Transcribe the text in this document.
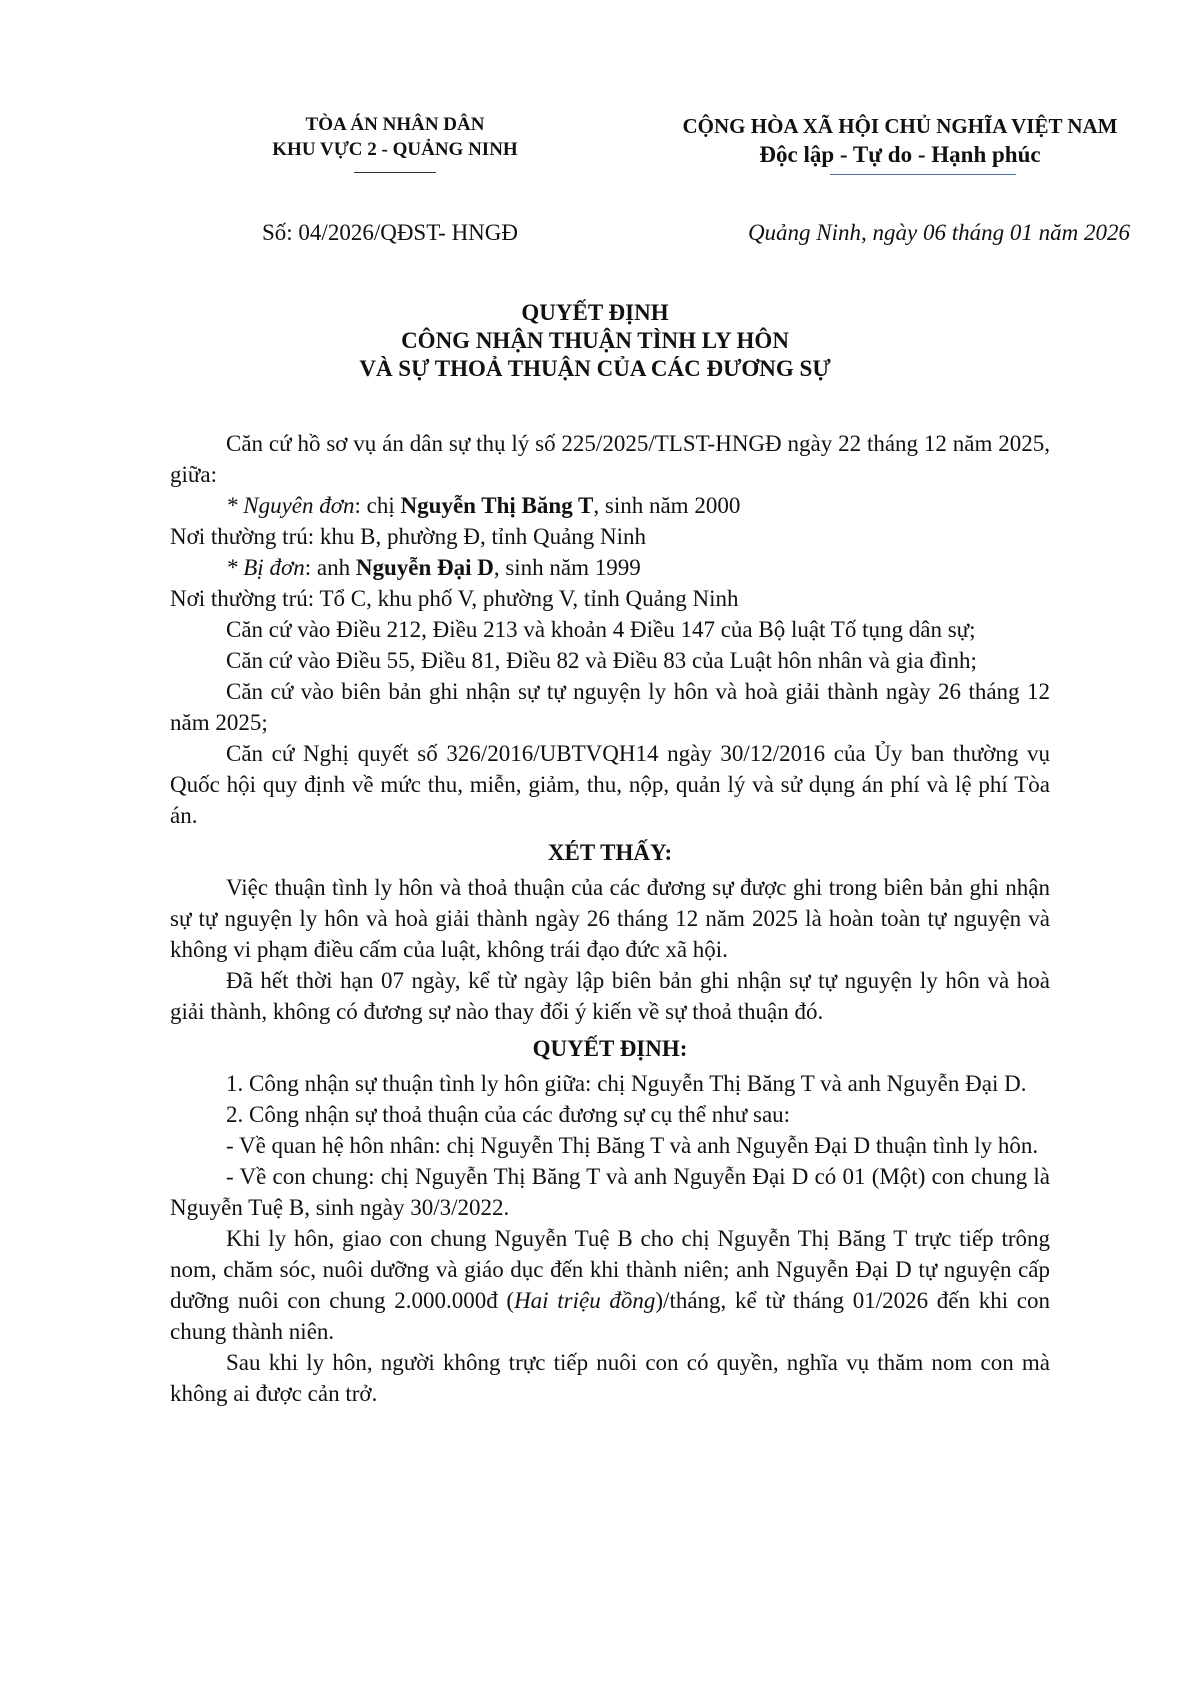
TÒA ÁN NHÂN DÂN
KHU VỰC 2 - QUẢNG NINH
CỘNG HÒA XÃ HỘI CHỦ NGHĨA VIỆT NAM
Độc lập - Tự do - Hạnh phúc
Số: 04/2026/QĐST- HNGĐ	Quảng Ninh, ngày 06 tháng 01 năm 2026
QUYẾT ĐỊNH
CÔNG NHẬN THUẬN TÌNH LY HÔN
VÀ SỰ THOẢ THUẬN CỦA CÁC ĐƯƠNG SỰ

Căn cứ hồ sơ vụ án dân sự thụ lý số 225/2025/TLST-HNGĐ ngày 22 tháng 12 năm 2025, giữa:

* Nguyên đơn: chị Nguyễn Thị Băng T, sinh năm 2000

Nơi thường trú: khu B, phường Đ, tỉnh Quảng Ninh

* Bị đơn: anh Nguyễn Đại D, sinh năm 1999

Nơi thường trú: Tổ C, khu phố V, phường V, tỉnh Quảng Ninh

Căn cứ vào Điều 212, Điều 213 và khoản 4 Điều 147 của Bộ luật Tố tụng dân sự;

Căn cứ vào Điều 55, Điều 81, Điều 82 và Điều 83 của Luật hôn nhân và gia đình;

Căn cứ vào biên bản ghi nhận sự tự nguyện ly hôn và hoà giải thành ngày 26 tháng 12 năm 2025;

Căn cứ Nghị quyết số 326/2016/UBTVQH14 ngày 30/12/2016 của Ủy ban thường vụ Quốc hội quy định về mức thu, miễn, giảm, thu, nộp, quản lý và sử dụng án phí và lệ phí Tòa án.

XÉT THẤY:

Việc thuận tình ly hôn và thoả thuận của các đương sự được ghi trong biên bản ghi nhận sự tự nguyện ly hôn và hoà giải thành ngày 26 tháng 12 năm 2025 là hoàn toàn tự nguyện và không vi phạm điều cấm của luật, không trái đạo đức xã hội.

Đã hết thời hạn 07 ngày, kể từ ngày lập biên bản ghi nhận sự tự nguyện ly hôn và hoà giải thành, không có đương sự nào thay đổi ý kiến về sự thoả thuận đó.

QUYẾT ĐỊNH:

1. Công nhận sự thuận tình ly hôn giữa: chị Nguyễn Thị Băng T và anh Nguyễn Đại D.

2. Công nhận sự thoả thuận của các đương sự cụ thể như sau:

- Về quan hệ hôn nhân: chị Nguyễn Thị Băng T và anh Nguyễn Đại D thuận tình ly hôn.

- Về con chung: chị Nguyễn Thị Băng T và anh Nguyễn Đại D có 01 (Một) con chung là Nguyễn Tuệ B, sinh ngày 30/3/2022.

Khi ly hôn, giao con chung Nguyễn Tuệ B cho chị Nguyễn Thị Băng T trực tiếp trông nom, chăm sóc, nuôi dưỡng và giáo dục đến khi thành niên; anh Nguyễn Đại D tự nguyện cấp dưỡng nuôi con chung 2.000.000đ (Hai triệu đồng)/tháng, kể từ tháng 01/2026 đến khi con chung thành niên.

Sau khi ly hôn, người không trực tiếp nuôi con có quyền, nghĩa vụ thăm nom con mà không ai được cản trở.
